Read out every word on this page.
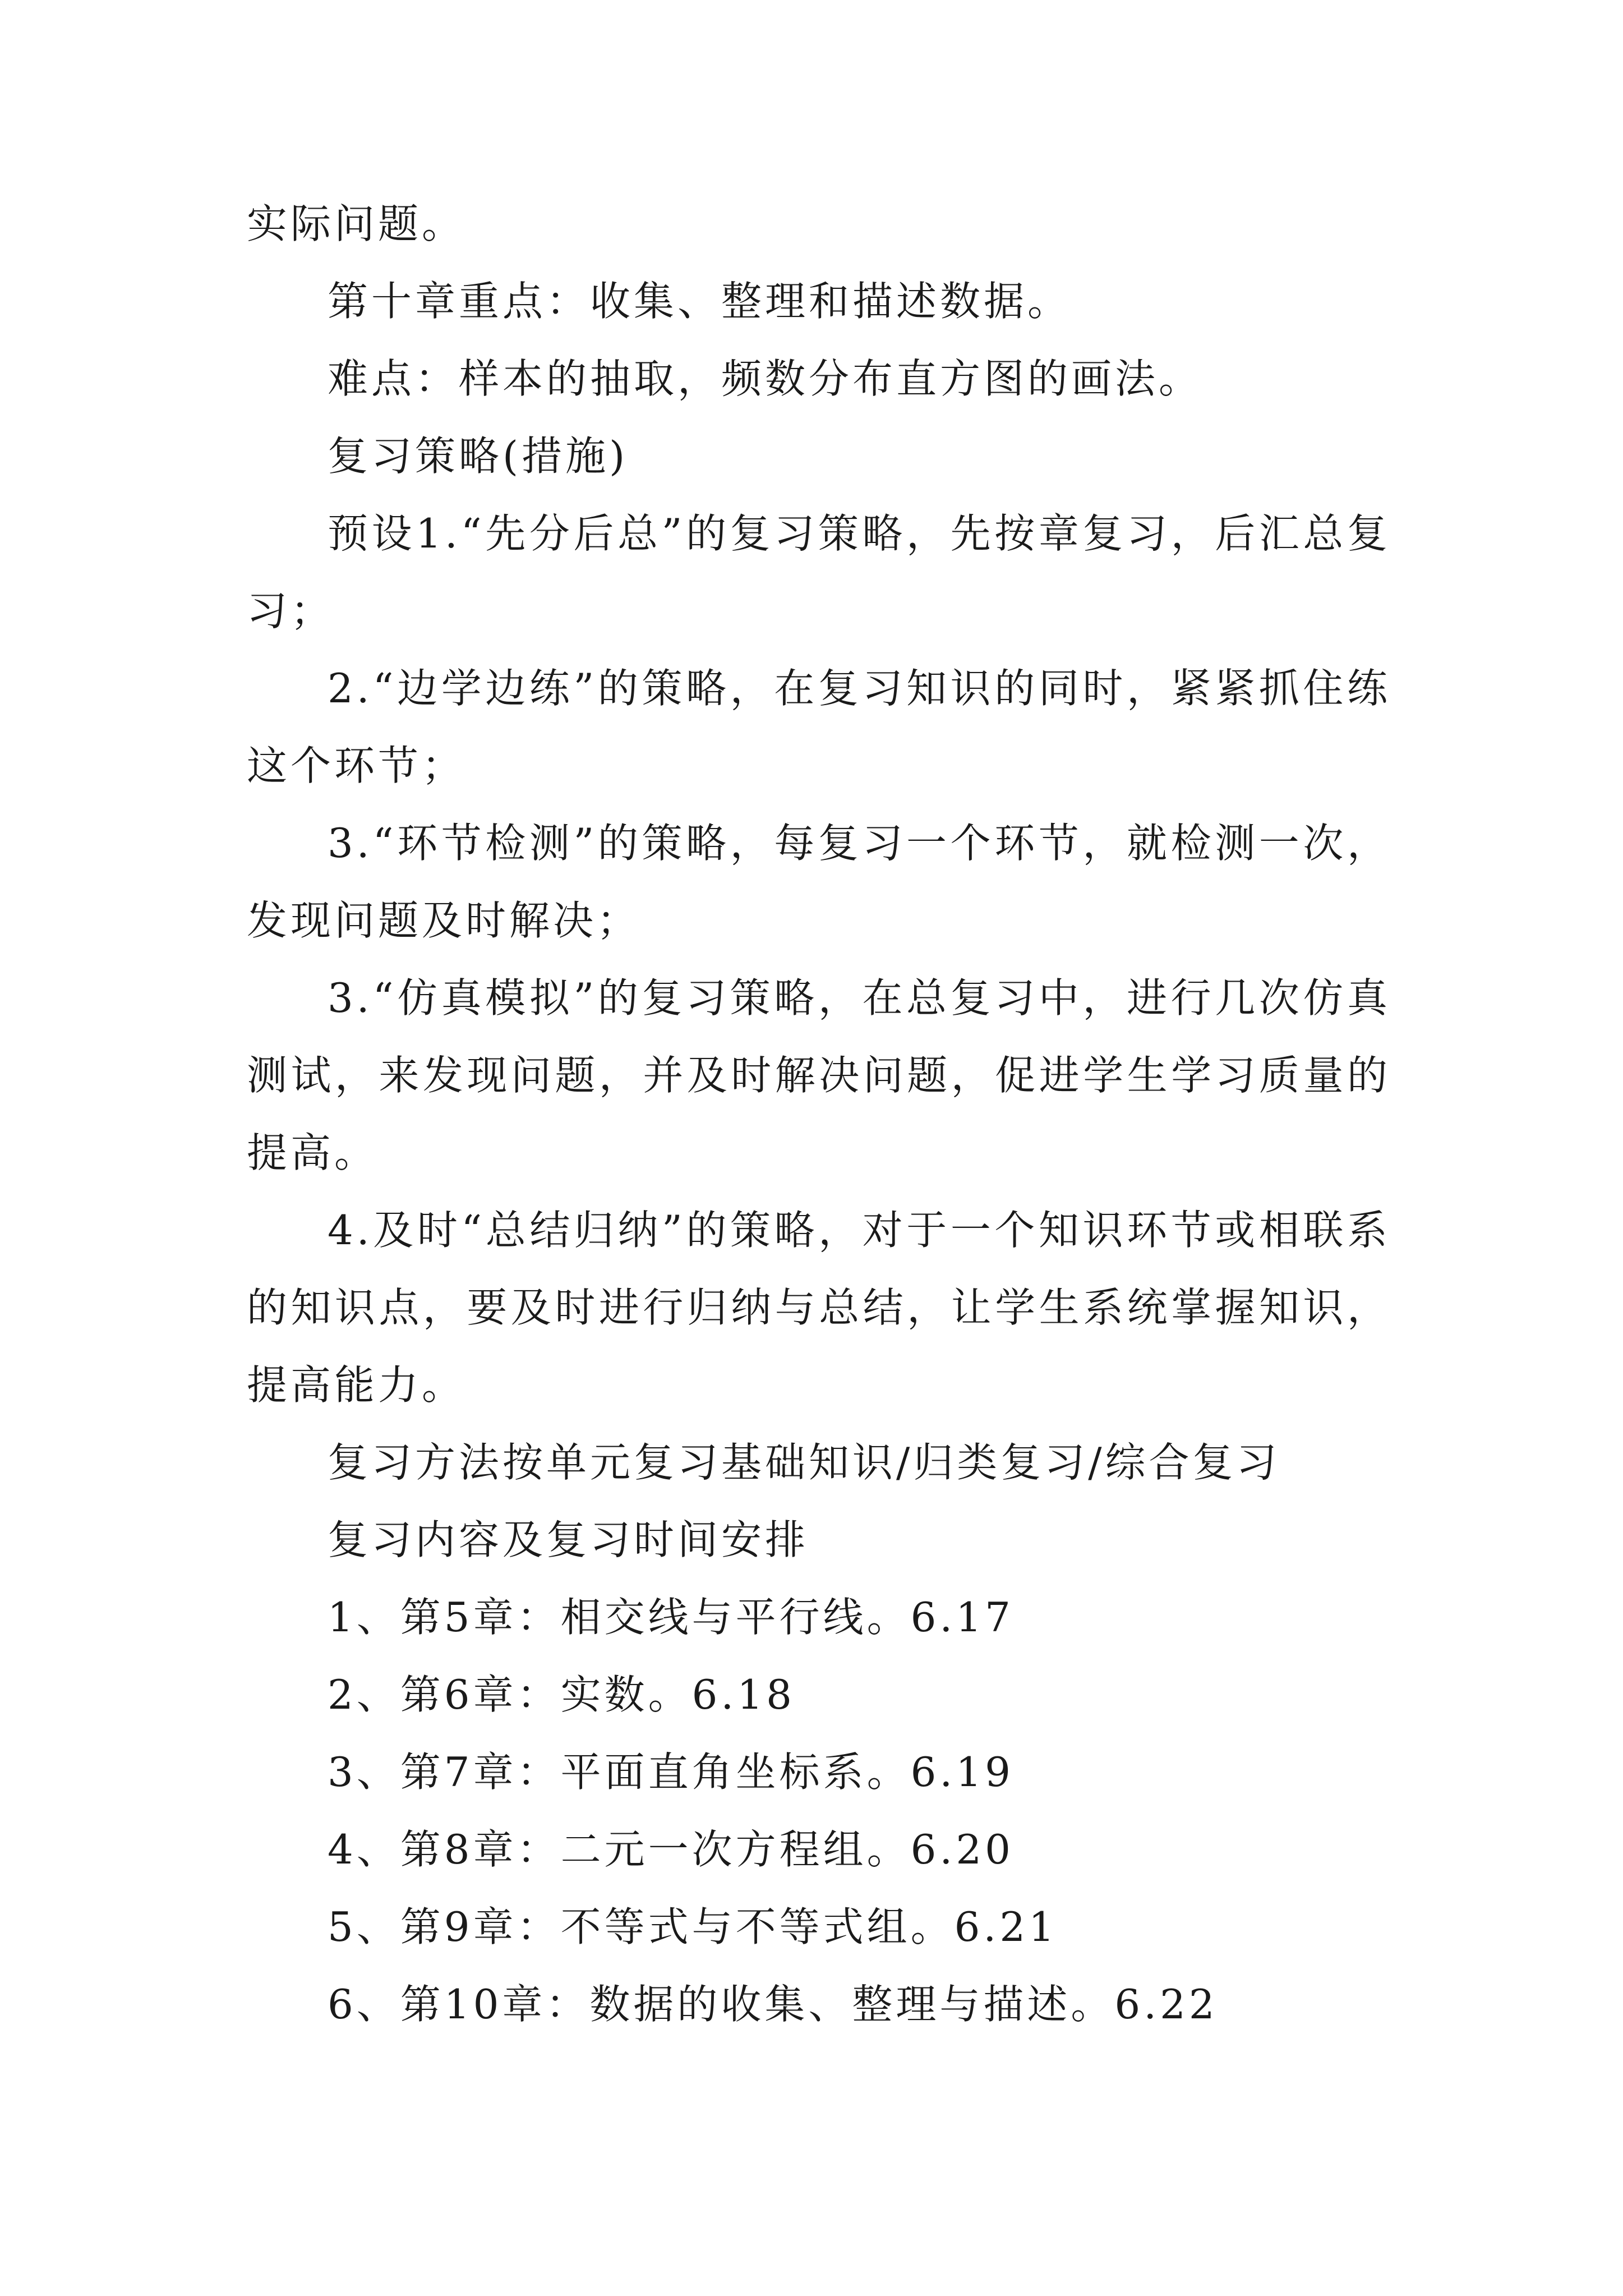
实际问题。

第十章重点：收集、整理和描述数据。

难点：样本的抽取，频数分布直方图的画法。

复习策略(措施)

预设1.“先分后总”的复习策略，先按章复习，后汇总复习；

2.“边学边练”的策略，在复习知识的同时，紧紧抓住练这个环节；

3.“环节检测”的策略，每复习一个环节，就检测一次，发现问题及时解决；

3.“仿真模拟”的复习策略，在总复习中，进行几次仿真测试，来发现问题，并及时解决问题，促进学生学习质量的提高。

4.及时“总结归纳”的策略，对于一个知识环节或相联系的知识点，要及时进行归纳与总结，让学生系统掌握知识，提高能力。

复习方法按单元复习基础知识/归类复习/综合复习

复习内容及复习时间安排

1、第5章：相交线与平行线。6.17

2、第6章：实数。6.18

3、第7章：平面直角坐标系。6.19

4、第8章：二元一次方程组。6.20

5、第9章：不等式与不等式组。6.21

6、第10章：数据的收集、整理与描述。6.22
